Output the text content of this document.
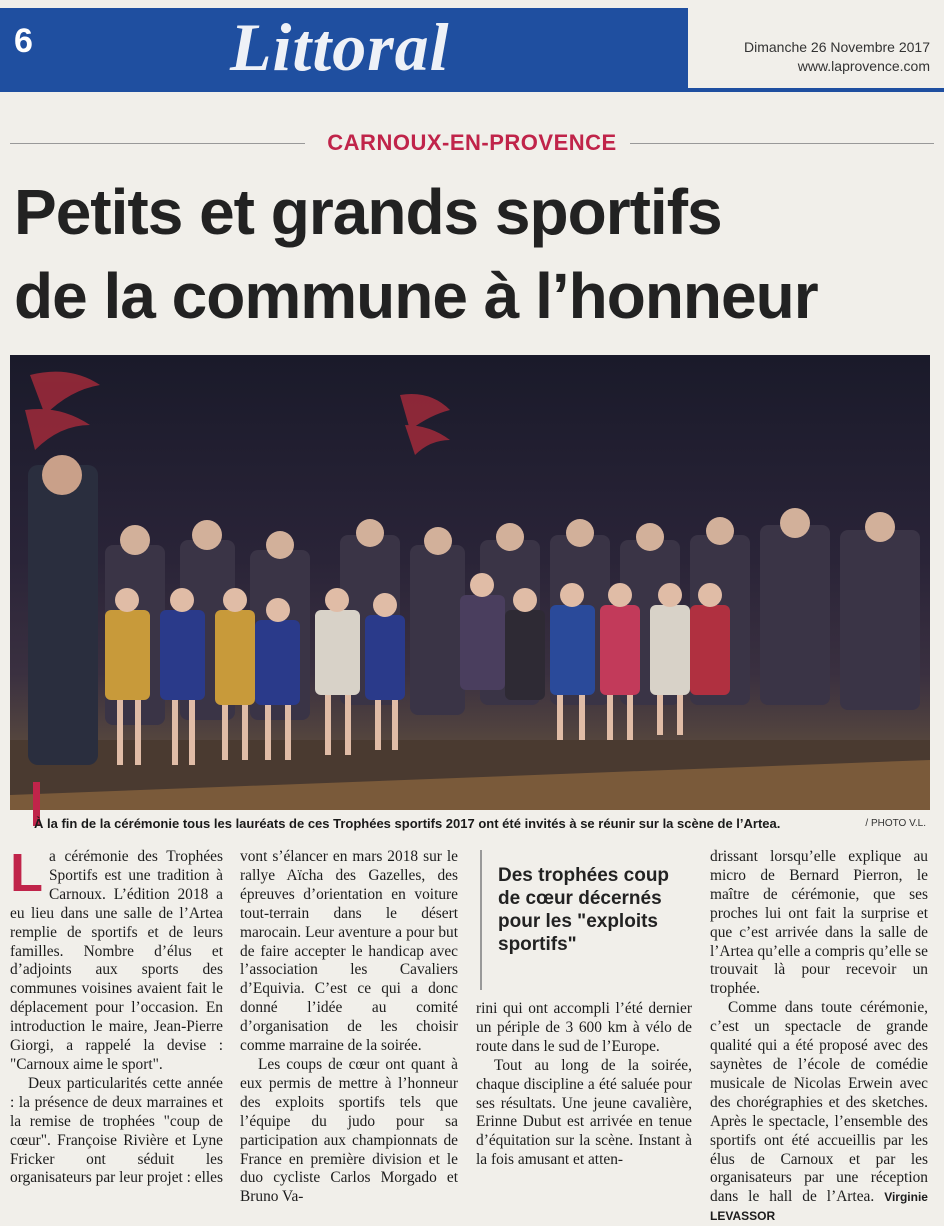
6	Littoral	Dimanche 26 Novembre 2017
www.laprovence.com
CARNOUX-EN-PROVENCE
Petits et grands sportifs
de la commune à l’honneur
À la fin de la cérémonie tous les lauréats de ces Trophées sportifs 2017 ont été invités à se réunir sur la scène de l’Artea.	/ PHOTO V.L.

La cérémonie des Trophées Sportifs est une tradition à Carnoux. L’édition 2018 a eu lieu dans une salle de l’Artea remplie de sportifs et de leurs familles. Nombre d’élus et d’adjoints aux sports des communes voisines avaient fait le déplacement pour l’occasion. En introduction le maire, Jean-Pierre Giorgi, a rappelé la devise : "Carnoux aime le sport".

Deux particularités cette année : la présence de deux marraines et la remise de trophées "coup de cœur". Françoise Rivière et Lyne Fricker ont séduit les organisateurs par leur projet : elles

vont s’élancer en mars 2018 sur le rallye Aïcha des Gazelles, des épreuves d’orientation en voiture tout-terrain dans le désert marocain. Leur aventure a pour but de faire accepter le handicap avec l’association les Cavaliers d’Equivia. C’est ce qui a donc donné l’idée au comité d’organisation de les choisir comme marraine de la soirée.

Les coups de cœur ont quant à eux permis de mettre à l’honneur des exploits sportifs tels que l’équipe du judo pour sa participation aux championnats de France en première division et le duo cycliste Carlos Morgado et Bruno Va-

Des trophées coup de cœur décernés pour les "exploits sportifs"

rini qui ont accompli l’été dernier un périple de 3 600 km à vélo de route dans le sud de l’Europe.

Tout au long de la soirée, chaque discipline a été saluée pour ses résultats. Une jeune cavalière, Erinne Dubut est arrivée en tenue d’équitation sur la scène. Instant à la fois amusant et atten-

drissant lorsqu’elle explique au micro de Bernard Pierron, le maître de cérémonie, que ses proches lui ont fait la surprise et que c’est arrivée dans la salle de l’Artea qu’elle a compris qu’elle se trouvait là pour recevoir un trophée.

Comme dans toute cérémonie, c’est un spectacle de grande qualité qui a été proposé avec des saynètes de l’école de comédie musicale de Nicolas Erwein avec des chorégraphies et des sketches. Après le spectacle, l’ensemble des sportifs ont été accueillis par les élus de Carnoux et par les organisateurs par une réception dans le hall de l’Artea. Virginie LEVASSOR
